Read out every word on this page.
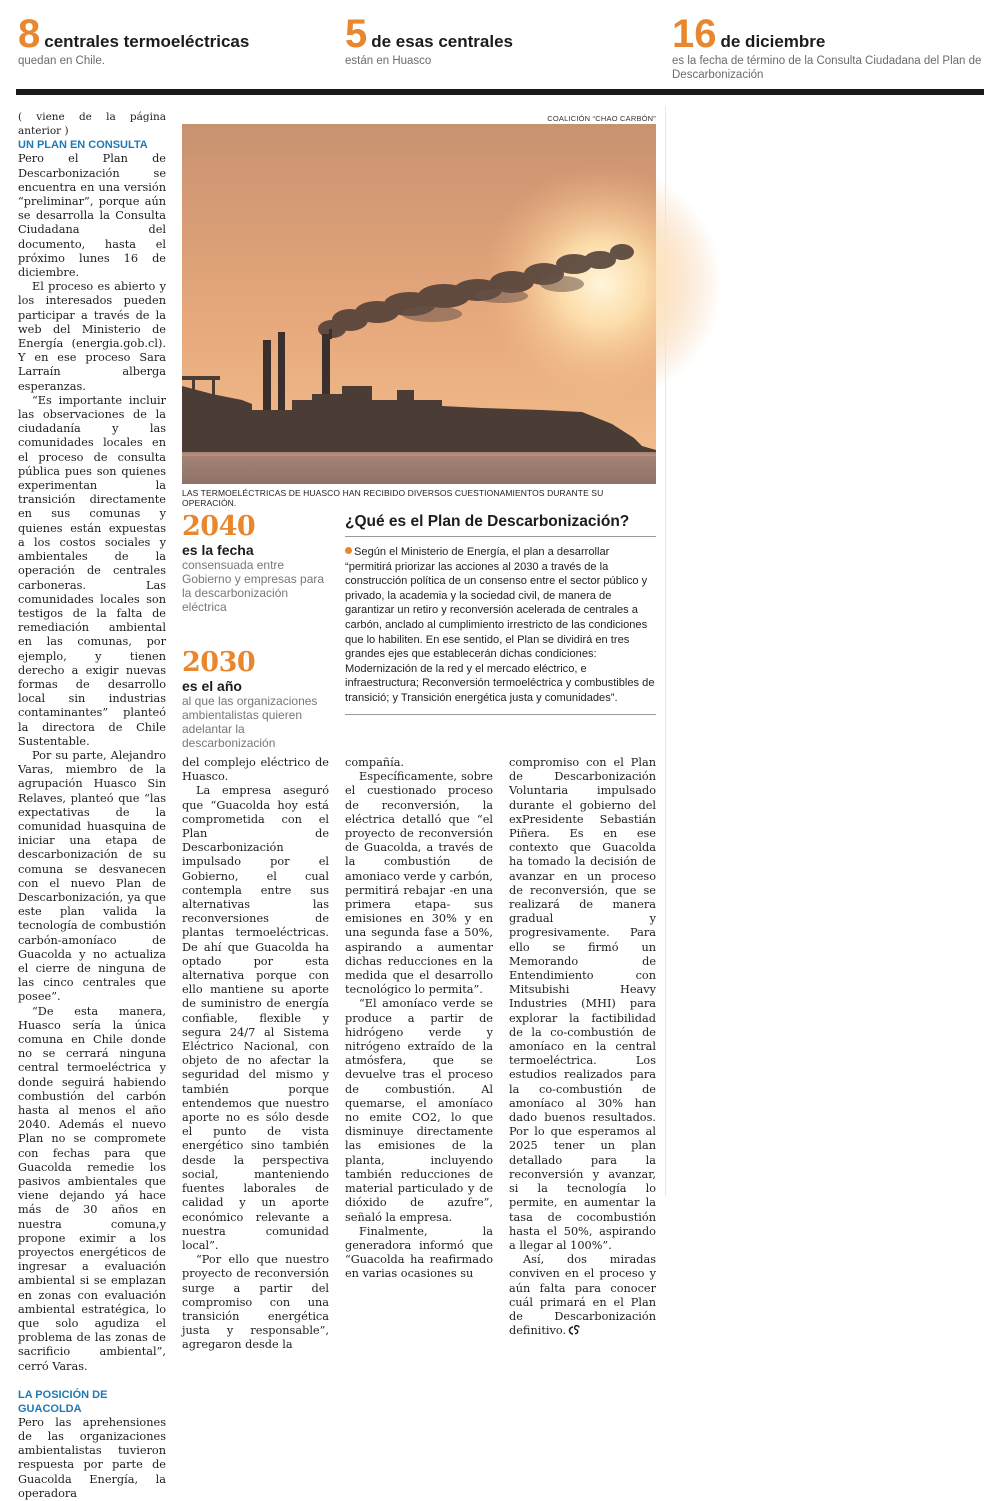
8 centrales termoeléctricas
quedan en Chile.
5 de esas centrales
están en Huasco
16 de diciembre
es la fecha de término de la Consulta Ciudadana del Plan de Descarbonización

( viene de la página anterior )

UN PLAN EN CONSULTA

Pero el Plan de Descarbonización se encuentra en una versión “preliminar”, porque aún se desarrolla la Consulta Ciudadana del documento, hasta el próximo lunes 16 de diciembre.

El proceso es abierto y los interesados pueden participar a través de la web del Ministerio de Energía (energia.gob.cl). Y en ese proceso Sara Larraín alberga esperanzas.

“Es importante incluir las observaciones de la ciudadanía y las comunidades locales en el proceso de consulta pública pues son quienes experimentan la transición directamente en sus comunas y quienes están expuestas a los costos sociales y ambientales de la operación de centrales carboneras. Las comunidades locales son testigos de la falta de remediación ambiental en las comunas, por ejemplo, y tienen derecho a exigir nuevas formas de desarrollo local sin industrias contaminantes” planteó la directora de Chile Sustentable.

Por su parte, Alejandro Varas, miembro de la agrupación Huasco Sin Relaves, planteó que “las expectativas de la comunidad huasquina de iniciar una etapa de descarbonización de su comuna se desvanecen con el nuevo Plan de Descarbonización, ya que este plan valida la tecnología de combustión carbón-amoníaco de Guacolda y no actualiza el cierre de ninguna de las cinco centrales que posee”.

“De esta manera, Huasco sería la única comuna en Chile donde no se cerrará ninguna central termoeléctrica y donde seguirá habiendo combustión del carbón hasta al menos el año 2040. Además el nuevo Plan no se compromete con fechas para que Guacolda remedie los pasivos ambientales que viene dejando yá hace más de 30 años en nuestra comuna,y propone eximir a los proyectos energéticos de ingresar a evaluación ambiental si se emplazan en zonas con evaluación ambiental estratégica, lo que solo agudiza el problema de las zonas de sacrificio ambiental”, cerró Varas.

LA POSICIÓN DE GUACOLDA

Pero las aprehensiones de las organizaciones ambientalistas tuvieron respuesta por parte de Guacolda Energía, la operadora

COALICIÓN “CHAO CARBÓN”
LAS TERMOELÉCTRICAS DE HUASCO HAN RECIBIDO DIVERSOS CUESTIONAMIENTOS DURANTE SU OPERACIÓN.
2040
es la fecha
consensuada entre Gobierno y empresas para la descarbonización eléctrica
2030
es el año
al que las organizaciones ambientalistas quieren adelantar la descarbonización
¿Qué es el Plan de Descarbonización?
Según el Ministerio de Energía, el plan a desarrollar “permitirá priorizar las acciones al 2030 a través de la construcción política de un consenso entre el sector público y privado, la academia y la sociedad civil, de manera de garantizar un retiro y reconversión acelerada de centrales a carbón, anclado al cumplimiento irrestricto de las condiciones que lo habiliten. En ese sentido, el Plan se dividirá en tres grandes ejes que establecerán dichas condiciones: Modernización de la red y el mercado eléctrico, e infraestructura; Reconversión termoeléctrica y combustibles de transició; y Transición energética justa y comunidades”.

del complejo eléctrico de Huasco.

La empresa aseguró que “Guacolda hoy está comprometida con el Plan de Descarbonización impulsado por el Gobierno, el cual contempla entre sus alternativas las reconversiones de plantas termoeléctricas. De ahí que Guacolda ha optado por esta alternativa porque con ello mantiene su aporte de suministro de energía confiable, flexible y segura 24/7 al Sistema Eléctrico Nacional, con objeto de no afectar la seguridad del mismo y también porque entendemos que nuestro aporte no es sólo desde el punto de vista energético sino también desde la perspectiva social, manteniendo fuentes laborales de calidad y un aporte económico relevante a nuestra comunidad local”.

“Por ello que nuestro proyecto de reconversión surge a partir del compromiso con una transición energética justa y responsable”, agregaron desde la

compañía.

Específicamente, sobre el cuestionado proceso de reconversión, la eléctrica detalló que “el proyecto de reconversión de Guacolda, a través de la combustión de amoniaco verde y carbón, permitirá rebajar -en una primera etapa- sus emisiones en 30% y en una segunda fase a 50%, aspirando a aumentar dichas reducciones en la medida que el desarrollo tecnológico lo permita”.

“El amoníaco verde se produce a partir de hidrógeno verde y nitrógeno extraído de la atmósfera, que se devuelve tras el proceso de combustión. Al quemarse, el amoníaco no emite CO2, lo que disminuye directamente las emisiones de la planta, incluyendo también reducciones de material particulado y de dióxido de azufre”, señaló la empresa.

Finalmente, la generadora informó que “Guacolda ha reafirmado en varias ocasiones su

compromiso con el Plan de Descarbonización Voluntaria impulsado durante el gobierno del exPresidente Sebastián Piñera. Es en ese contexto que Guacolda ha tomado la decisión de avanzar en un proceso de reconversión, que se realizará de manera gradual y progresivamente. Para ello se firmó un Memorando de Entendimiento con Mitsubishi Heavy Industries (MHI) para explorar la factibilidad de la co-combustión de amoníaco en la central termoeléctrica. Los estudios realizados para la co-combustión de amoníaco al 30% han dado buenos resultados. Por lo que esperamos al 2025 tener un plan detallado para la reconversión y avanzar, si la tecnología lo permite, en aumentar la tasa de cocombustión hasta el 50%, aspirando a llegar al 100%”.

Así, dos miradas conviven en el proceso y aún falta para conocer cuál primará en el Plan de Descarbonización definitivo.
